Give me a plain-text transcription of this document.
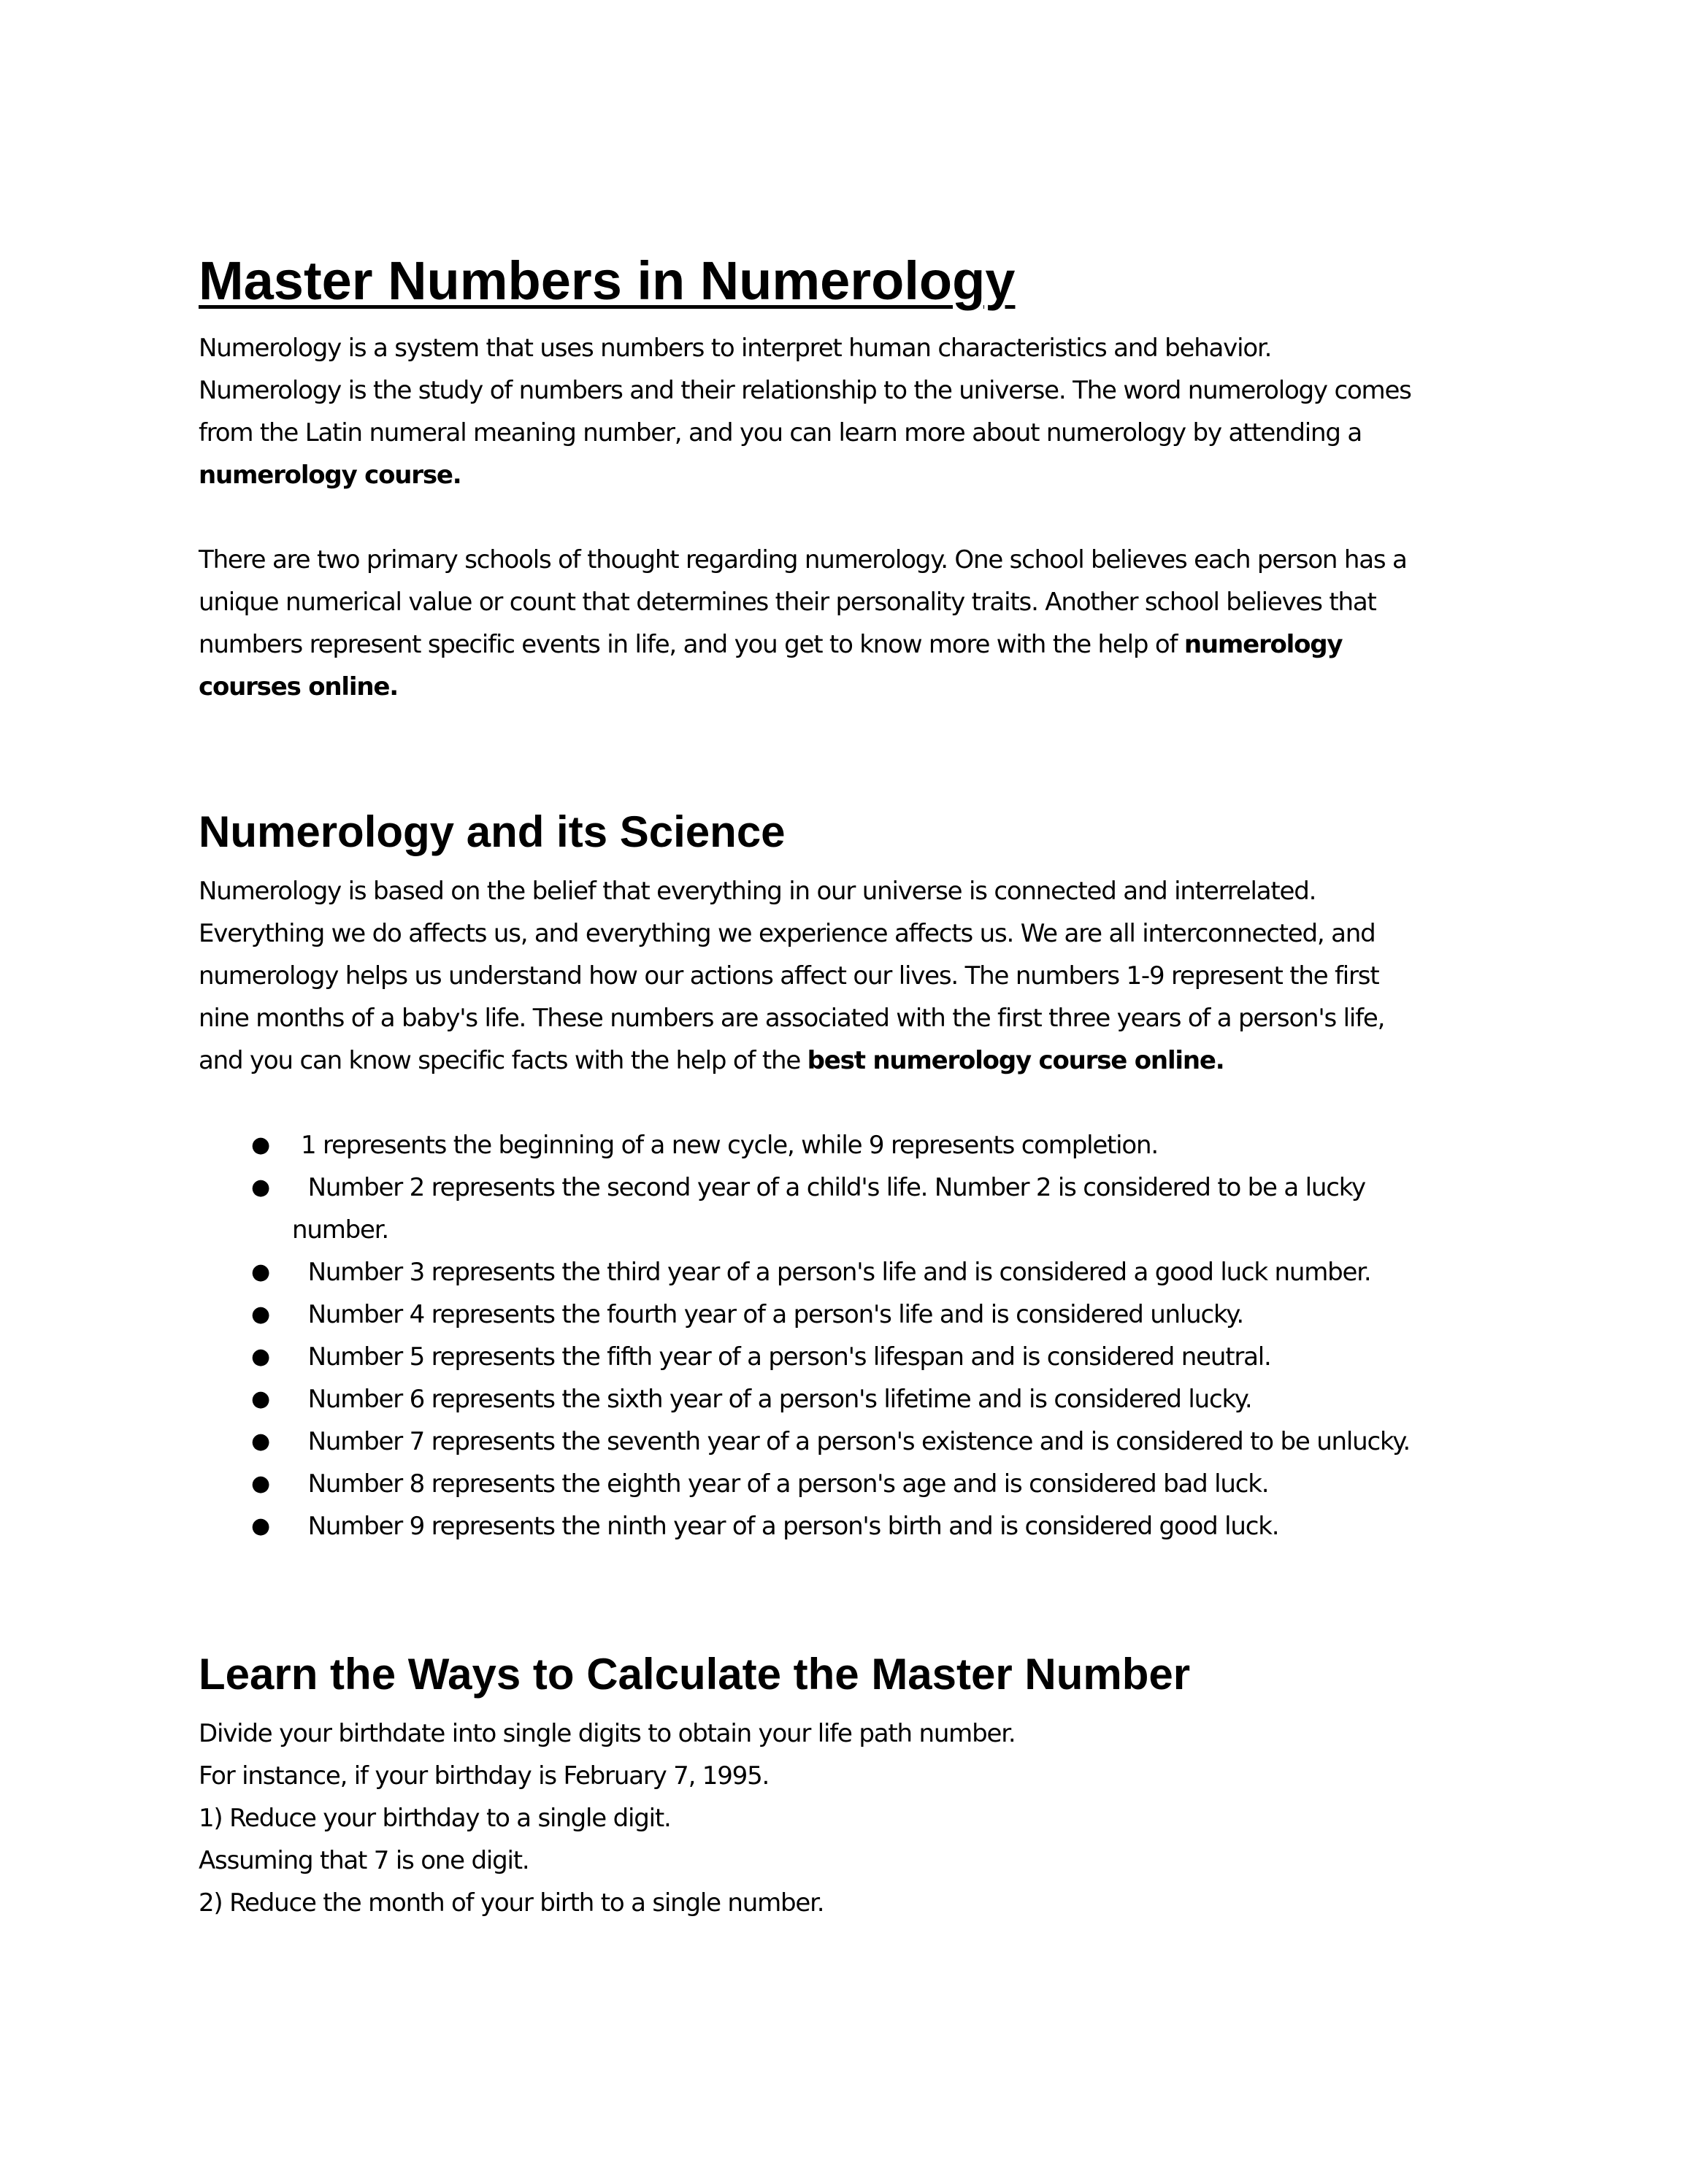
Master Numbers in Numerology
Numerology is a system that uses numbers to interpret human characteristics and behavior.
Numerology is the study of numbers and their relationship to the universe. The word numerology comes
from the Latin numeral meaning number, and you can learn more about numerology by attending a
numerology course.
There are two primary schools of thought regarding numerology. One school believes each person has a
unique numerical value or count that determines their personality traits. Another school believes that
numbers represent specific events in life, and you get to know more with the help of numerology
courses online.
Numerology and its Science
Numerology is based on the belief that everything in our universe is connected and interrelated.
Everything we do affects us, and everything we experience affects us. We are all interconnected, and
numerology helps us understand how our actions affect our lives. The numbers 1-9 represent the first
nine months of a baby's life. These numbers are associated with the first three years of a person's life,
and you can know specific facts with the help of the best numerology course online.
● 1 represents the beginning of a new cycle, while 9 represents completion.
● Number 2 represents the second year of a child's life. Number 2 is considered to be a lucky
number.
● Number 3 represents the third year of a person's life and is considered a good luck number.
● Number 4 represents the fourth year of a person's life and is considered unlucky.
● Number 5 represents the fifth year of a person's lifespan and is considered neutral.
● Number 6 represents the sixth year of a person's lifetime and is considered lucky.
● Number 7 represents the seventh year of a person's existence and is considered to be unlucky.
● Number 8 represents the eighth year of a person's age and is considered bad luck.
● Number 9 represents the ninth year of a person's birth and is considered good luck.
Learn the Ways to Calculate the Master Number
Divide your birthdate into single digits to obtain your life path number.
For instance, if your birthday is February 7, 1995.
1) Reduce your birthday to a single digit.
Assuming that 7 is one digit.
2) Reduce the month of your birth to a single number.
